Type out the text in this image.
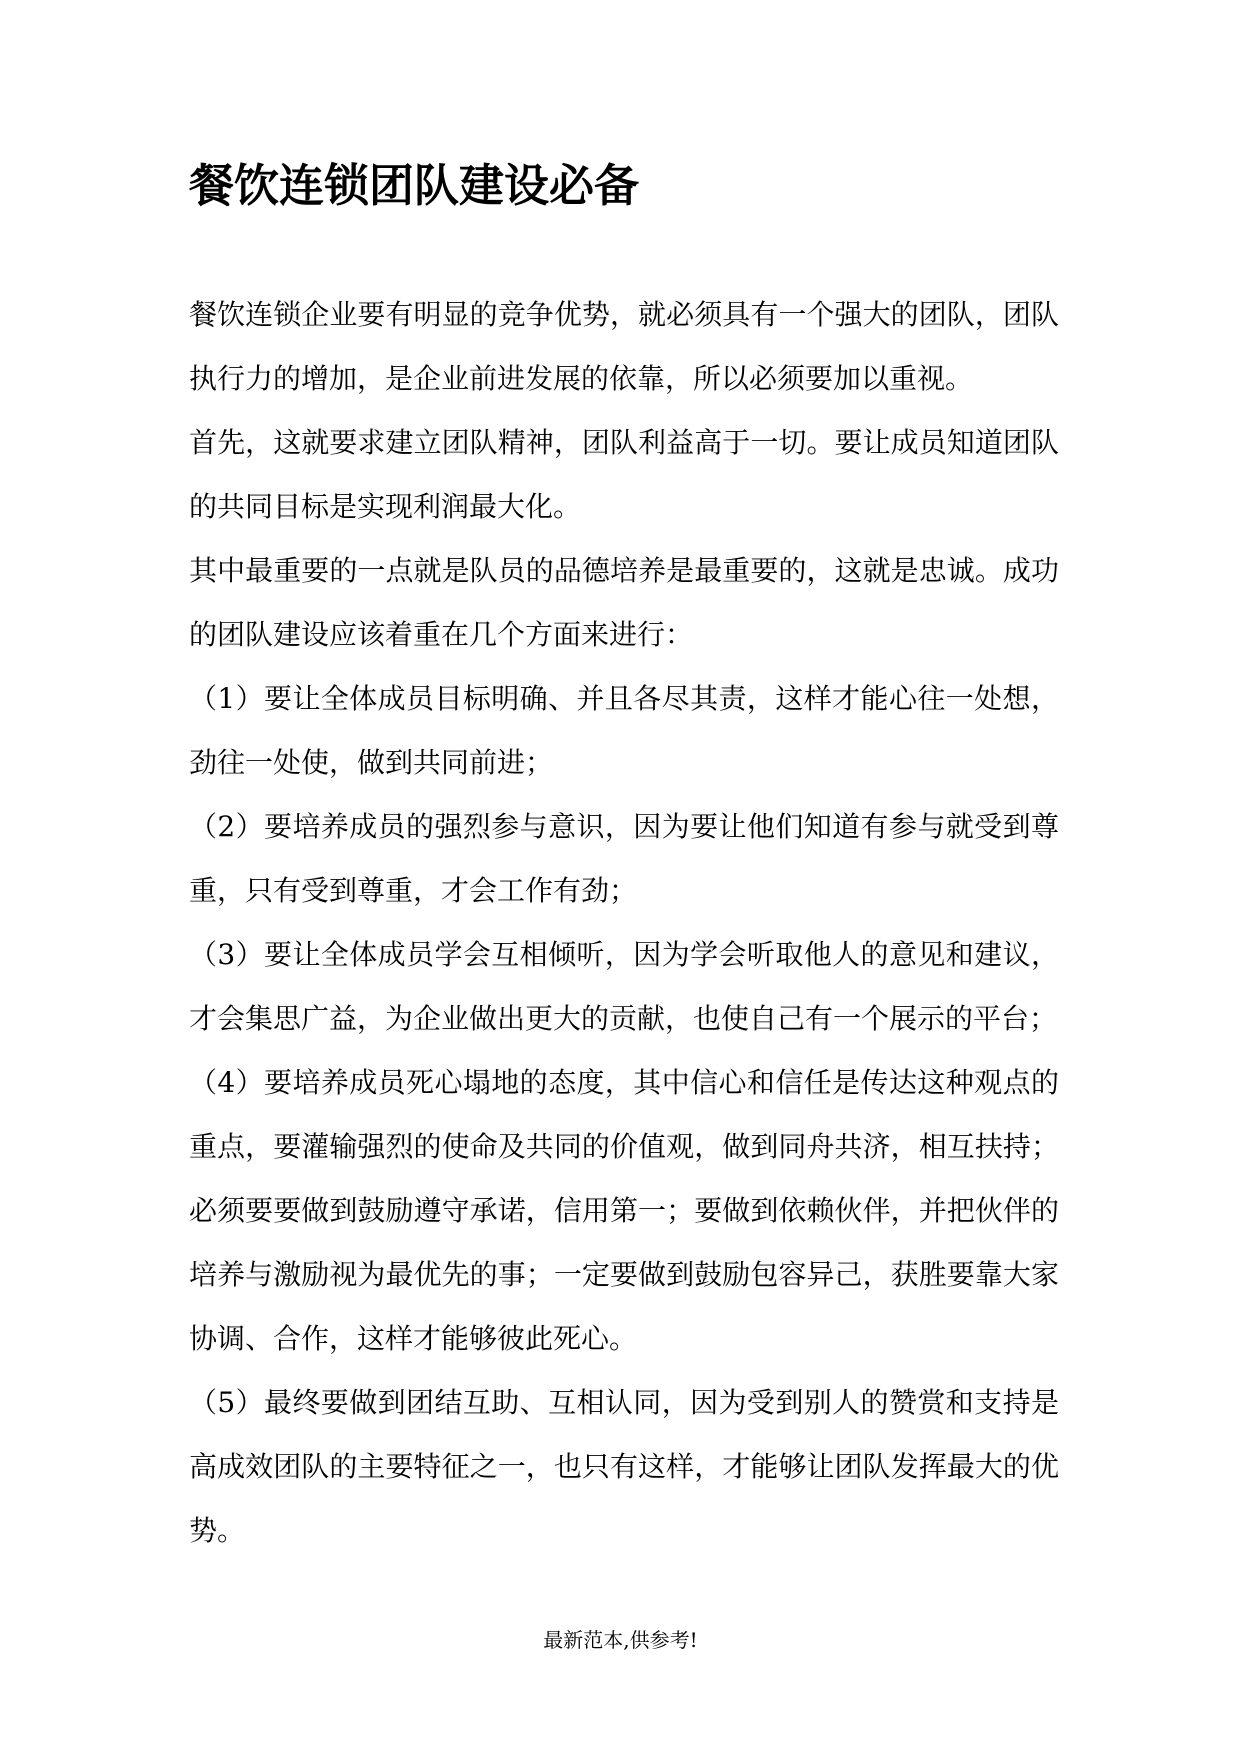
餐饮连锁团队建设必备

餐饮连锁企业要有明显的竞争优势，就必须具有一个强大的团队，团队执行力的增加，是企业前进发展的依靠，所以必须要加以重视。

首先，这就要求建立团队精神，团队利益高于一切。要让成员知道团队的共同目标是实现利润最大化。

其中最重要的一点就是队员的品德培养是最重要的，这就是忠诚。成功的团队建设应该着重在几个方面来进行：

（1）要让全体成员目标明确、并且各尽其责，这样才能心往一处想，劲往一处使，做到共同前进；

（2）要培养成员的强烈参与意识，因为要让他们知道有参与就受到尊重，只有受到尊重，才会工作有劲；

（3）要让全体成员学会互相倾听，因为学会听取他人的意见和建议，才会集思广益，为企业做出更大的贡献，也使自己有一个展示的平台；

（4）要培养成员死心塌地的态度，其中信心和信任是传达这种观点的重点，要灌输强烈的使命及共同的价值观，做到同舟共济，相互扶持；必须要要做到鼓励遵守承诺，信用第一；要做到依赖伙伴，并把伙伴的培养与激励视为最优先的事；一定要做到鼓励包容异己，获胜要靠大家协调、合作，这样才能够彼此死心。

（5）最终要做到团结互助、互相认同，因为受到别人的赞赏和支持是高成效团队的主要特征之一，也只有这样，才能够让团队发挥最大的优势。

最新范本,供参考!
